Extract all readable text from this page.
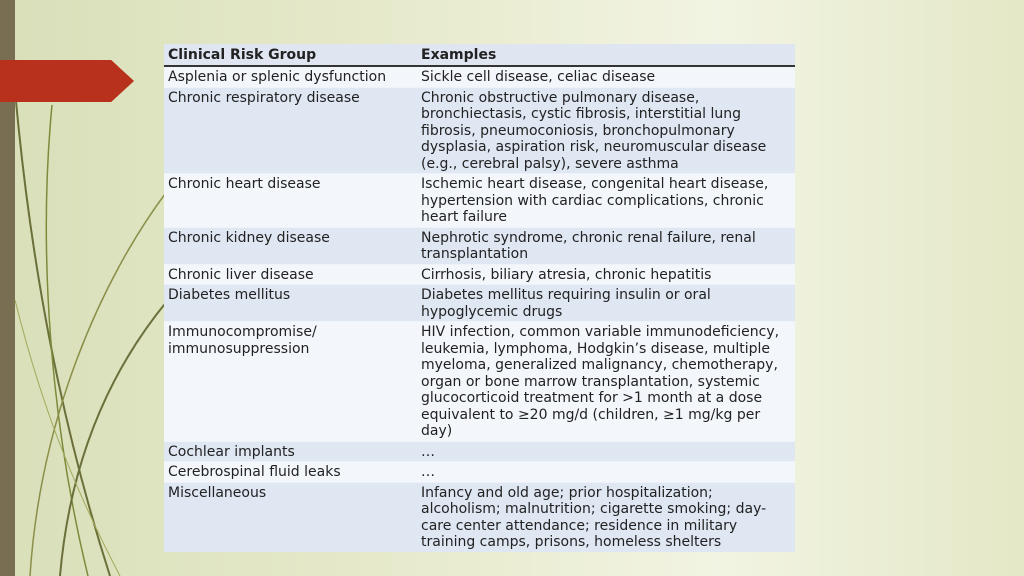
Clinical Risk Group	Examples
Asplenia or splenic dysfunction	Sickle cell disease, celiac disease
Chronic respiratory disease	Chronic obstructive pulmonary disease, bronchiectasis, cystic fibrosis, interstitial lung fibrosis, pneumoconiosis, bronchopulmonary dysplasia, aspiration risk, neuromuscular disease (e.g., cerebral palsy), severe asthma
Chronic heart disease	Ischemic heart disease, congenital heart disease, hypertension with cardiac complications, chronic heart failure
Chronic kidney disease	Nephrotic syndrome, chronic renal failure, renal transplantation
Chronic liver disease	Cirrhosis, biliary atresia, chronic hepatitis
Diabetes mellitus	Diabetes mellitus requiring insulin or oral hypoglycemic drugs
Immunocompromise/ immunosuppression	HIV infection, common variable immunodeficiency, leukemia, lymphoma, Hodgkin’s disease, multiple myeloma, generalized malignancy, chemotherapy, organ or bone marrow transplantation, systemic glucocorticoid treatment for >1 month at a dose equivalent to ≥20 mg/d (children, ≥1 mg/kg per day)
Cochlear implants	…
Cerebrospinal fluid leaks	…
Miscellaneous	Infancy and old age; prior hospitalization; alcoholism; malnutrition; cigarette smoking; day-care center attendance; residence in military training camps, prisons, homeless shelters
